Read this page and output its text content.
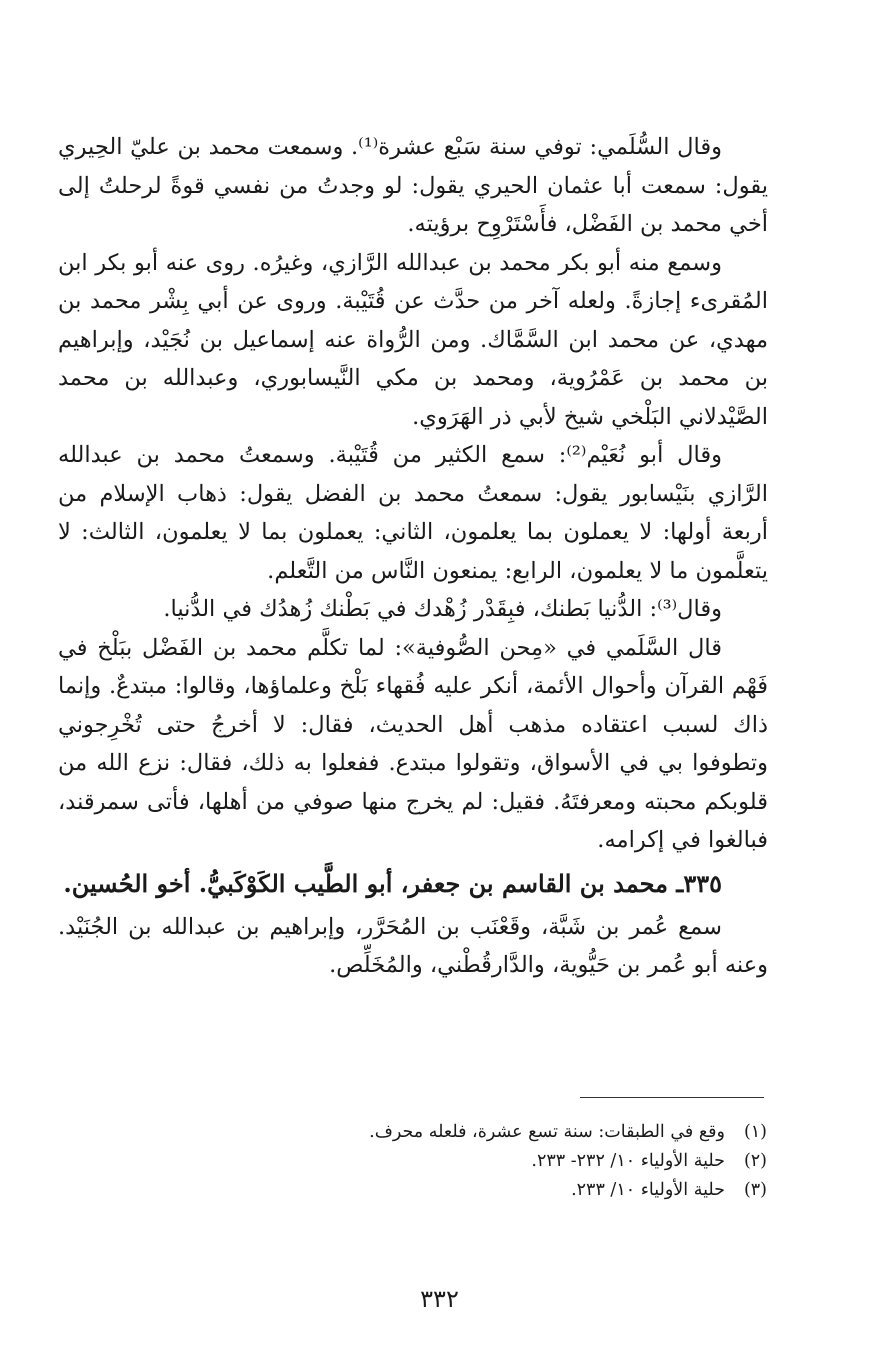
وقال السُّلَمي: توفي سنة سَبْع عشرة⁽¹⁾. وسمعت محمد بن عليّ الحِيري يقول: سمعت أبا عثمان الحيري يقول: لو وجدتُ من نفسي قوةً لرحلتُ إلى أخي محمد بن الفَضْل، فأَسْتَرْوِح برؤيته.

وسمع منه أبو بكر محمد بن عبدالله الرَّازي، وغيرُه. روى عنه أبو بكر ابن المُقرىء إجازةً. ولعله آخر من حدَّث عن قُتَيْبة. وروى عن أبي بِشْر محمد بن مهدي، عن محمد ابن السَّمَّاك. ومن الرُّواة عنه إسماعيل بن نُجَيْد، وإبراهيم بن محمد بن عَمْرُوية، ومحمد بن مكي النَّيسابوري، وعبدالله بن محمد الصَّيْدلاني البَلْخي شيخ لأبي ذر الهَرَوي.

وقال أبو نُعَيْم⁽²⁾: سمع الكثير من قُتَيْبة. وسمعتُ محمد بن عبدالله الرَّازي بنَيْسابور يقول: سمعتُ محمد بن الفضل يقول: ذهاب الإسلام من أربعة أولها: لا يعملون بما يعلمون، الثاني: يعملون بما لا يعلمون، الثالث: لا يتعلَّمون ما لا يعلمون، الرابع: يمنعون النَّاس من التَّعلم.

وقال⁽³⁾: الدُّنيا بَطنك، فبِقَدْر زُهْدك في بَطْنك زُهدُك في الدُّنيا.

قال السَّلَمي في «مِحن الصُّوفية»: لما تكلَّم محمد بن الفَضْل ببَلْخ في فَهْم القرآن وأحوال الأئمة، أنكر عليه فُقهاء بَلْخ وعلماؤها، وقالوا: مبتدعٌ. وإنما ذاك لسبب اعتقاده مذهب أهل الحديث، فقال: لا أخرجُ حتى تُخْرِجوني وتطوفوا بي في الأسواق، وتقولوا مبتدع. ففعلوا به ذلك، فقال: نزع الله من قلوبكم محبته ومعرفتَهُ. فقيل: لم يخرج منها صوفي من أهلها، فأتى سمرقند، فبالغوا في إكرامه.

٣٣٥ـ محمد بن القاسم بن جعفر، أبو الطَّيب الكَوْكَبيُّ. أخو الحُسين.

سمع عُمر بن شَبَّة، وقَعْنَب بن المُحَرَّر، وإبراهيم بن عبدالله بن الجُنَيْد. وعنه أبو عُمر بن حَيُّوية، والدَّارقُطْني، والمُخَلِّص.

(١)
وقع في الطبقات: سنة تسع عشرة، فلعله محرف.
(٢)
حلية الأولياء ١٠/ ٢٣٢- ٢٣٣.
(٣)
حلية الأولياء ١٠/ ٢٣٣.
٣٣٢
